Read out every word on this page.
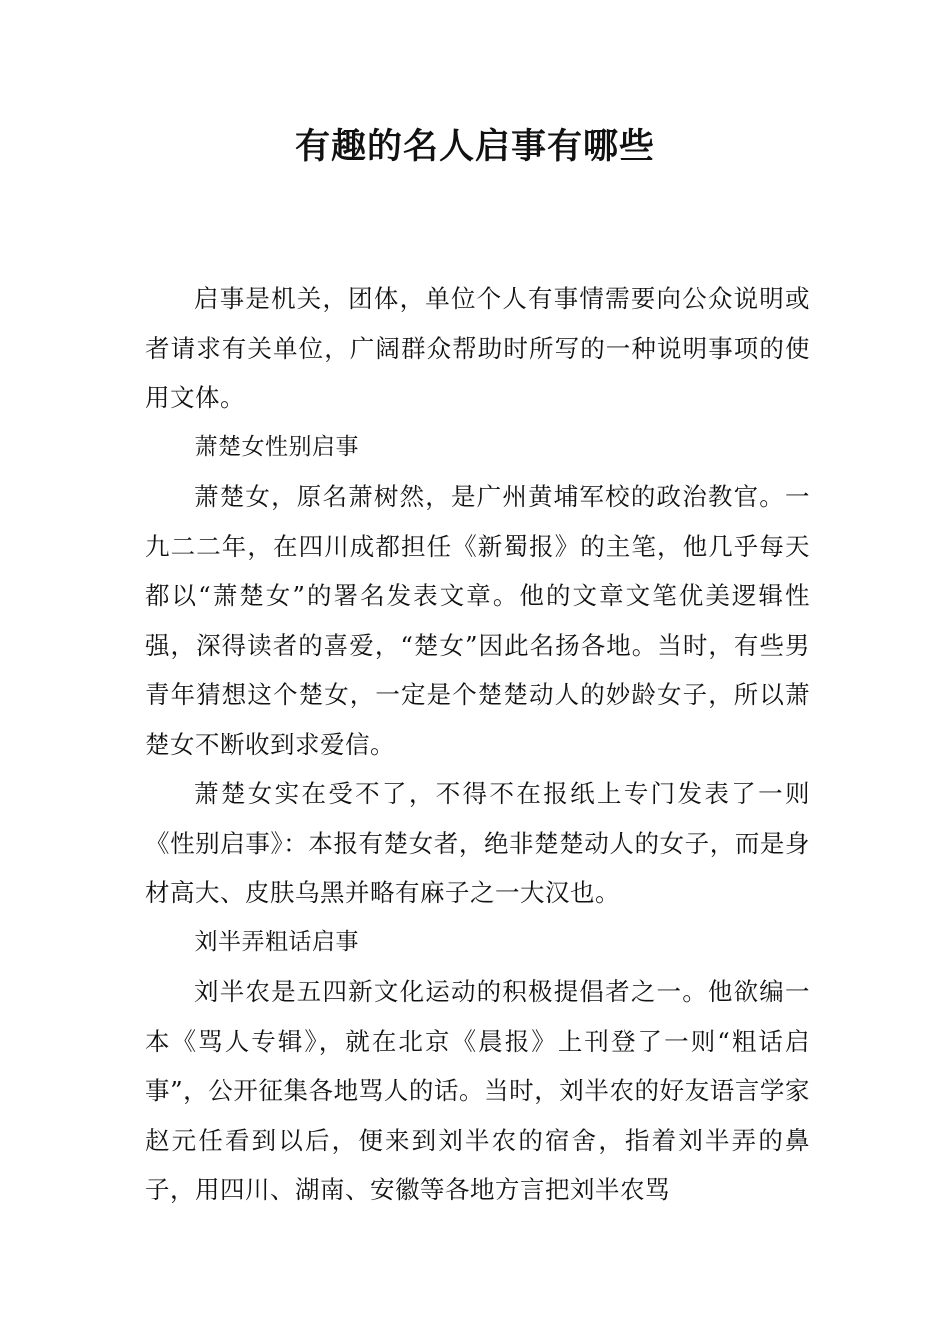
有趣的名人启事有哪些

启事是机关，团体，单位个人有事情需要向公众说明或者请求有关单位，广阔群众帮助时所写的一种说明事项的使用文体。

萧楚女性别启事

萧楚女，原名萧树然，是广州黄埔军校的政治教官。一九二二年，在四川成都担任《新蜀报》的主笔，他几乎每天都以“萧楚女”的署名发表文章。他的文章文笔优美逻辑性强，深得读者的喜爱，“楚女”因此名扬各地。当时，有些男青年猜想这个楚女，一定是个楚楚动人的妙龄女子，所以萧楚女不断收到求爱信。

萧楚女实在受不了，不得不在报纸上专门发表了一则《性别启事》：本报有楚女者，绝非楚楚动人的女子，而是身材高大、皮肤乌黑并略有麻子之一大汉也。

刘半弄粗话启事

刘半农是五四新文化运动的积极提倡者之一。他欲编一本《骂人专辑》，就在北京《晨报》上刊登了一则“粗话启事”，公开征集各地骂人的话。当时，刘半农的好友语言学家赵元任看到以后，便来到刘半农的宿舍，指着刘半弄的鼻子，用四川、湖南、安徽等各地方言把刘半农骂
